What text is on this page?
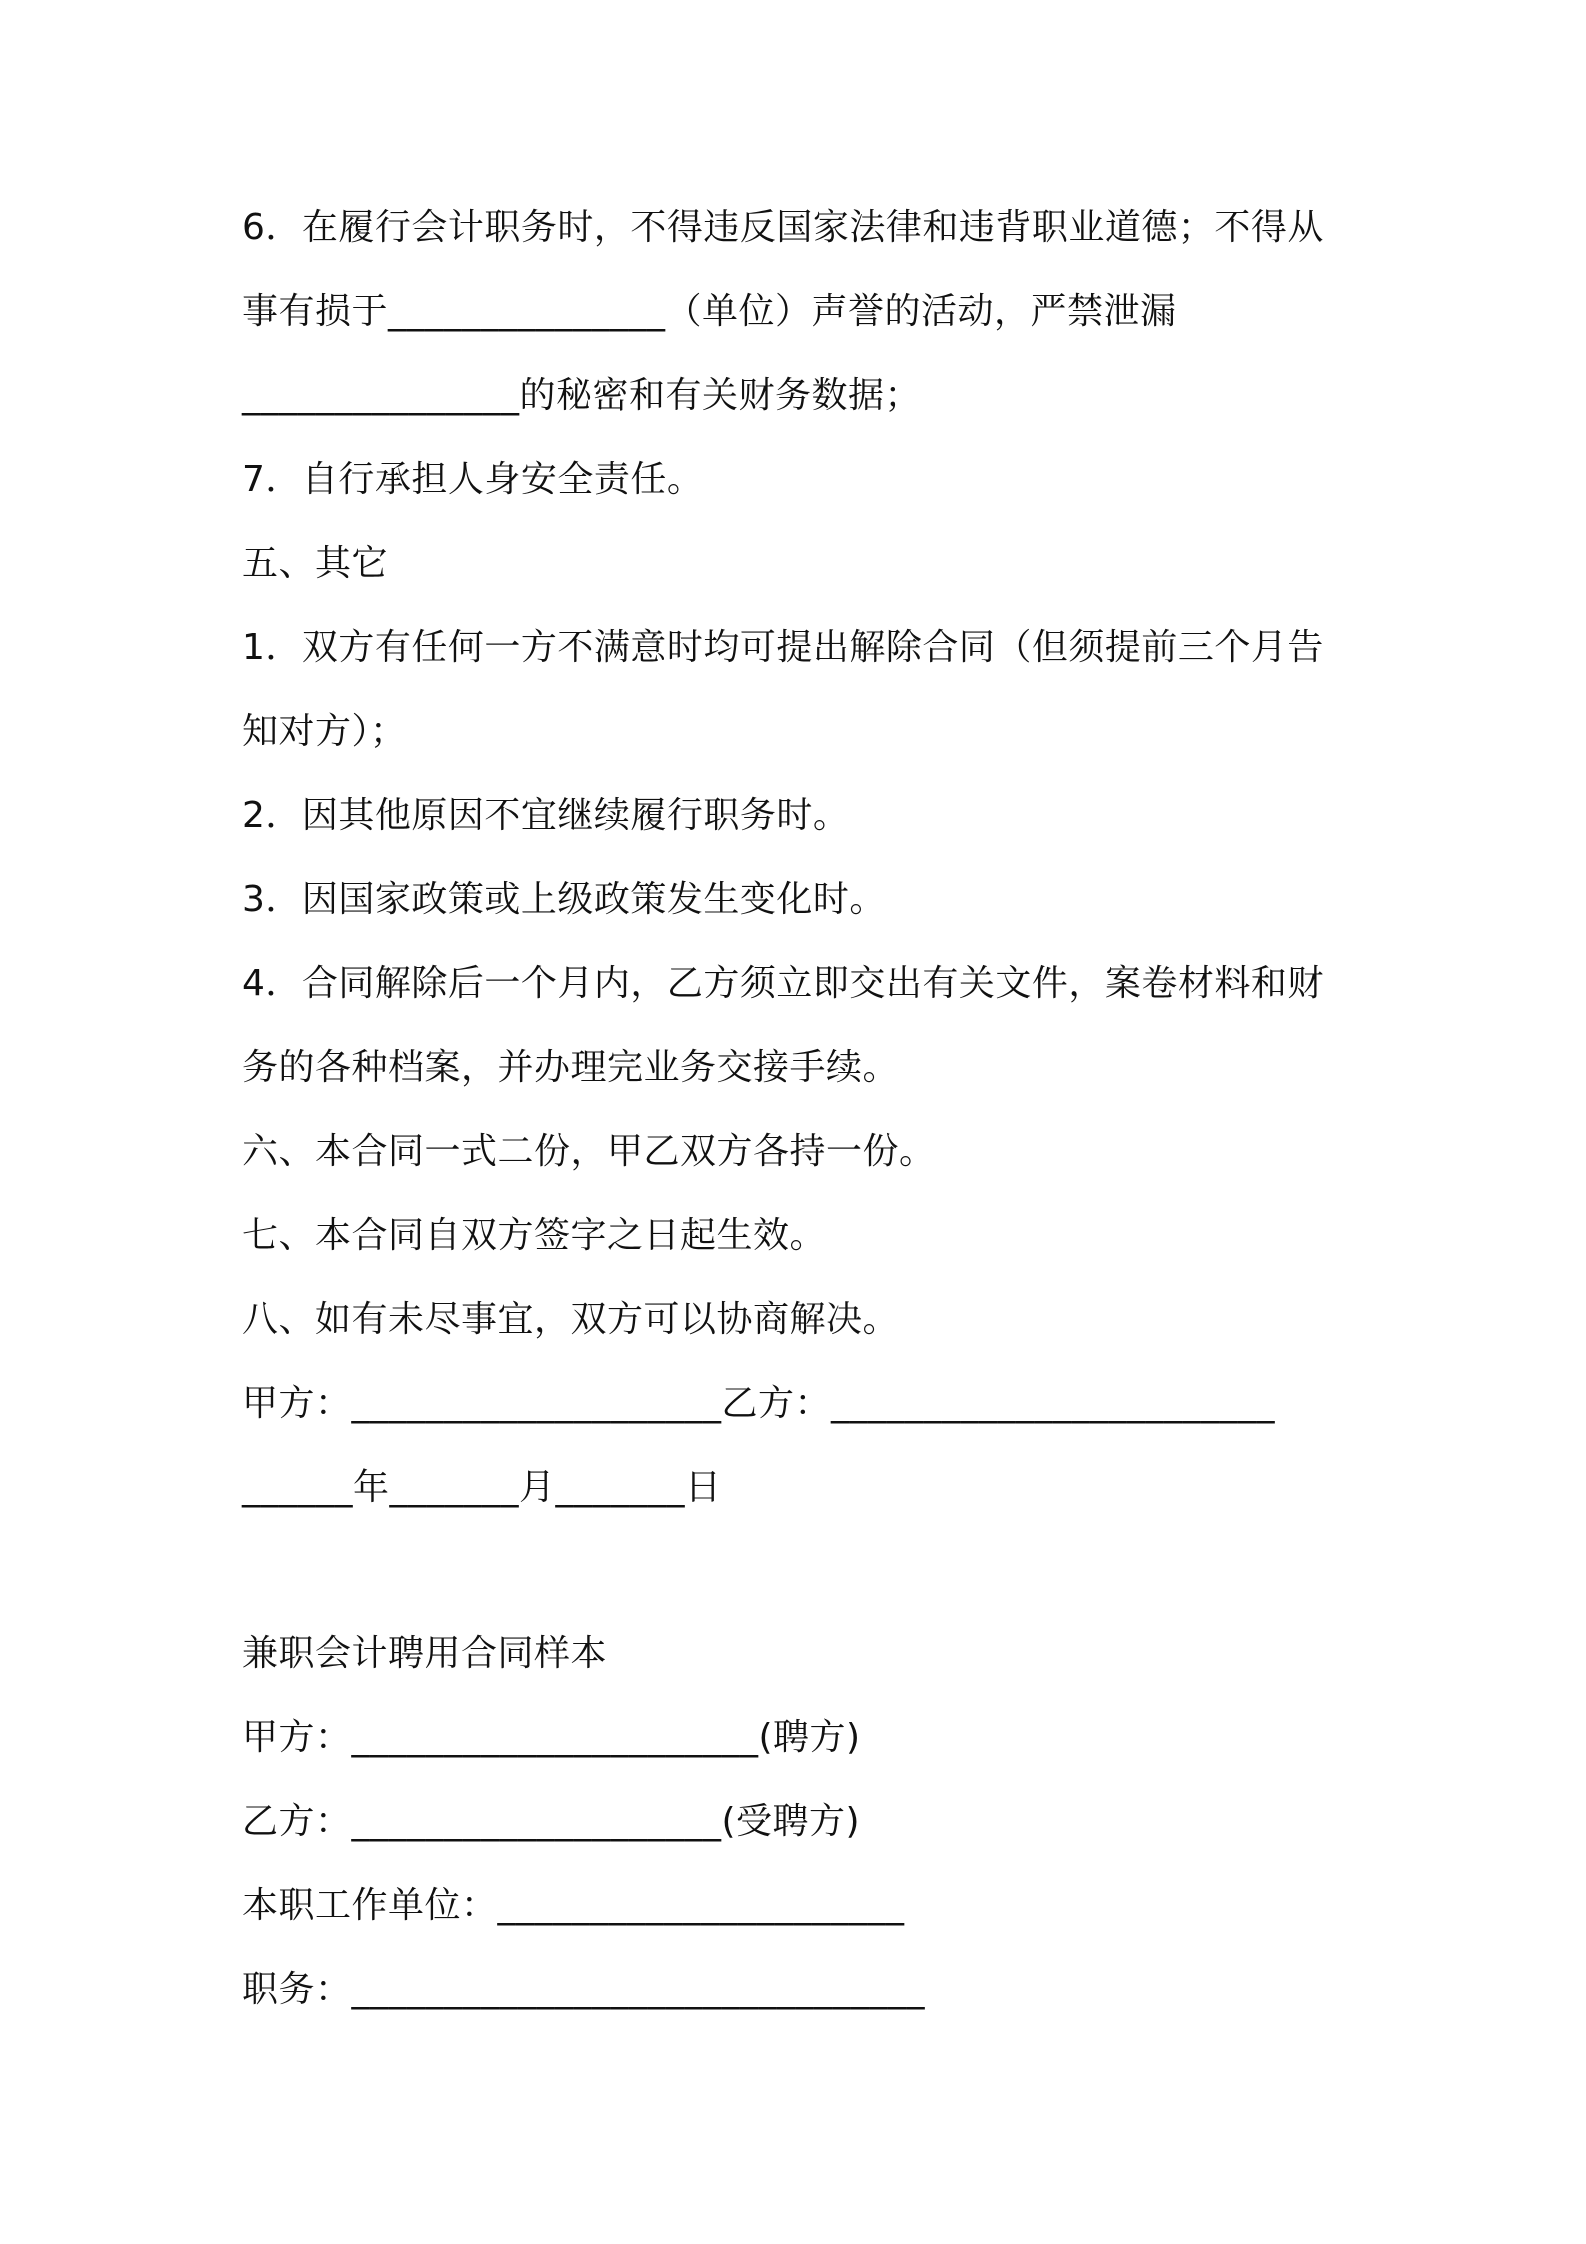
6．在履行会计职务时，不得违反国家法律和违背职业道德；不得从
事有损于_______________（单位）声誉的活动，严禁泄漏
_______________的秘密和有关财务数据；
7．自行承担人身安全责任。
五、其它
1．双方有任何一方不满意时均可提出解除合同（但须提前三个月告
知对方）；
2．因其他原因不宜继续履行职务时。
3．因国家政策或上级政策发生变化时。
4．合同解除后一个月内，乙方须立即交出有关文件，案卷材料和财
务的各种档案，并办理完业务交接手续。
六、本合同一式二份，甲乙双方各持一份。
七、本合同自双方签字之日起生效。
八、如有未尽事宜，双方可以协商解决。
甲方：____________________乙方：________________________
______年_______月_______日
兼职会计聘用合同样本
甲方：______________________(聘方)
乙方：____________________(受聘方)
本职工作单位：______________________
职务：_______________________________
